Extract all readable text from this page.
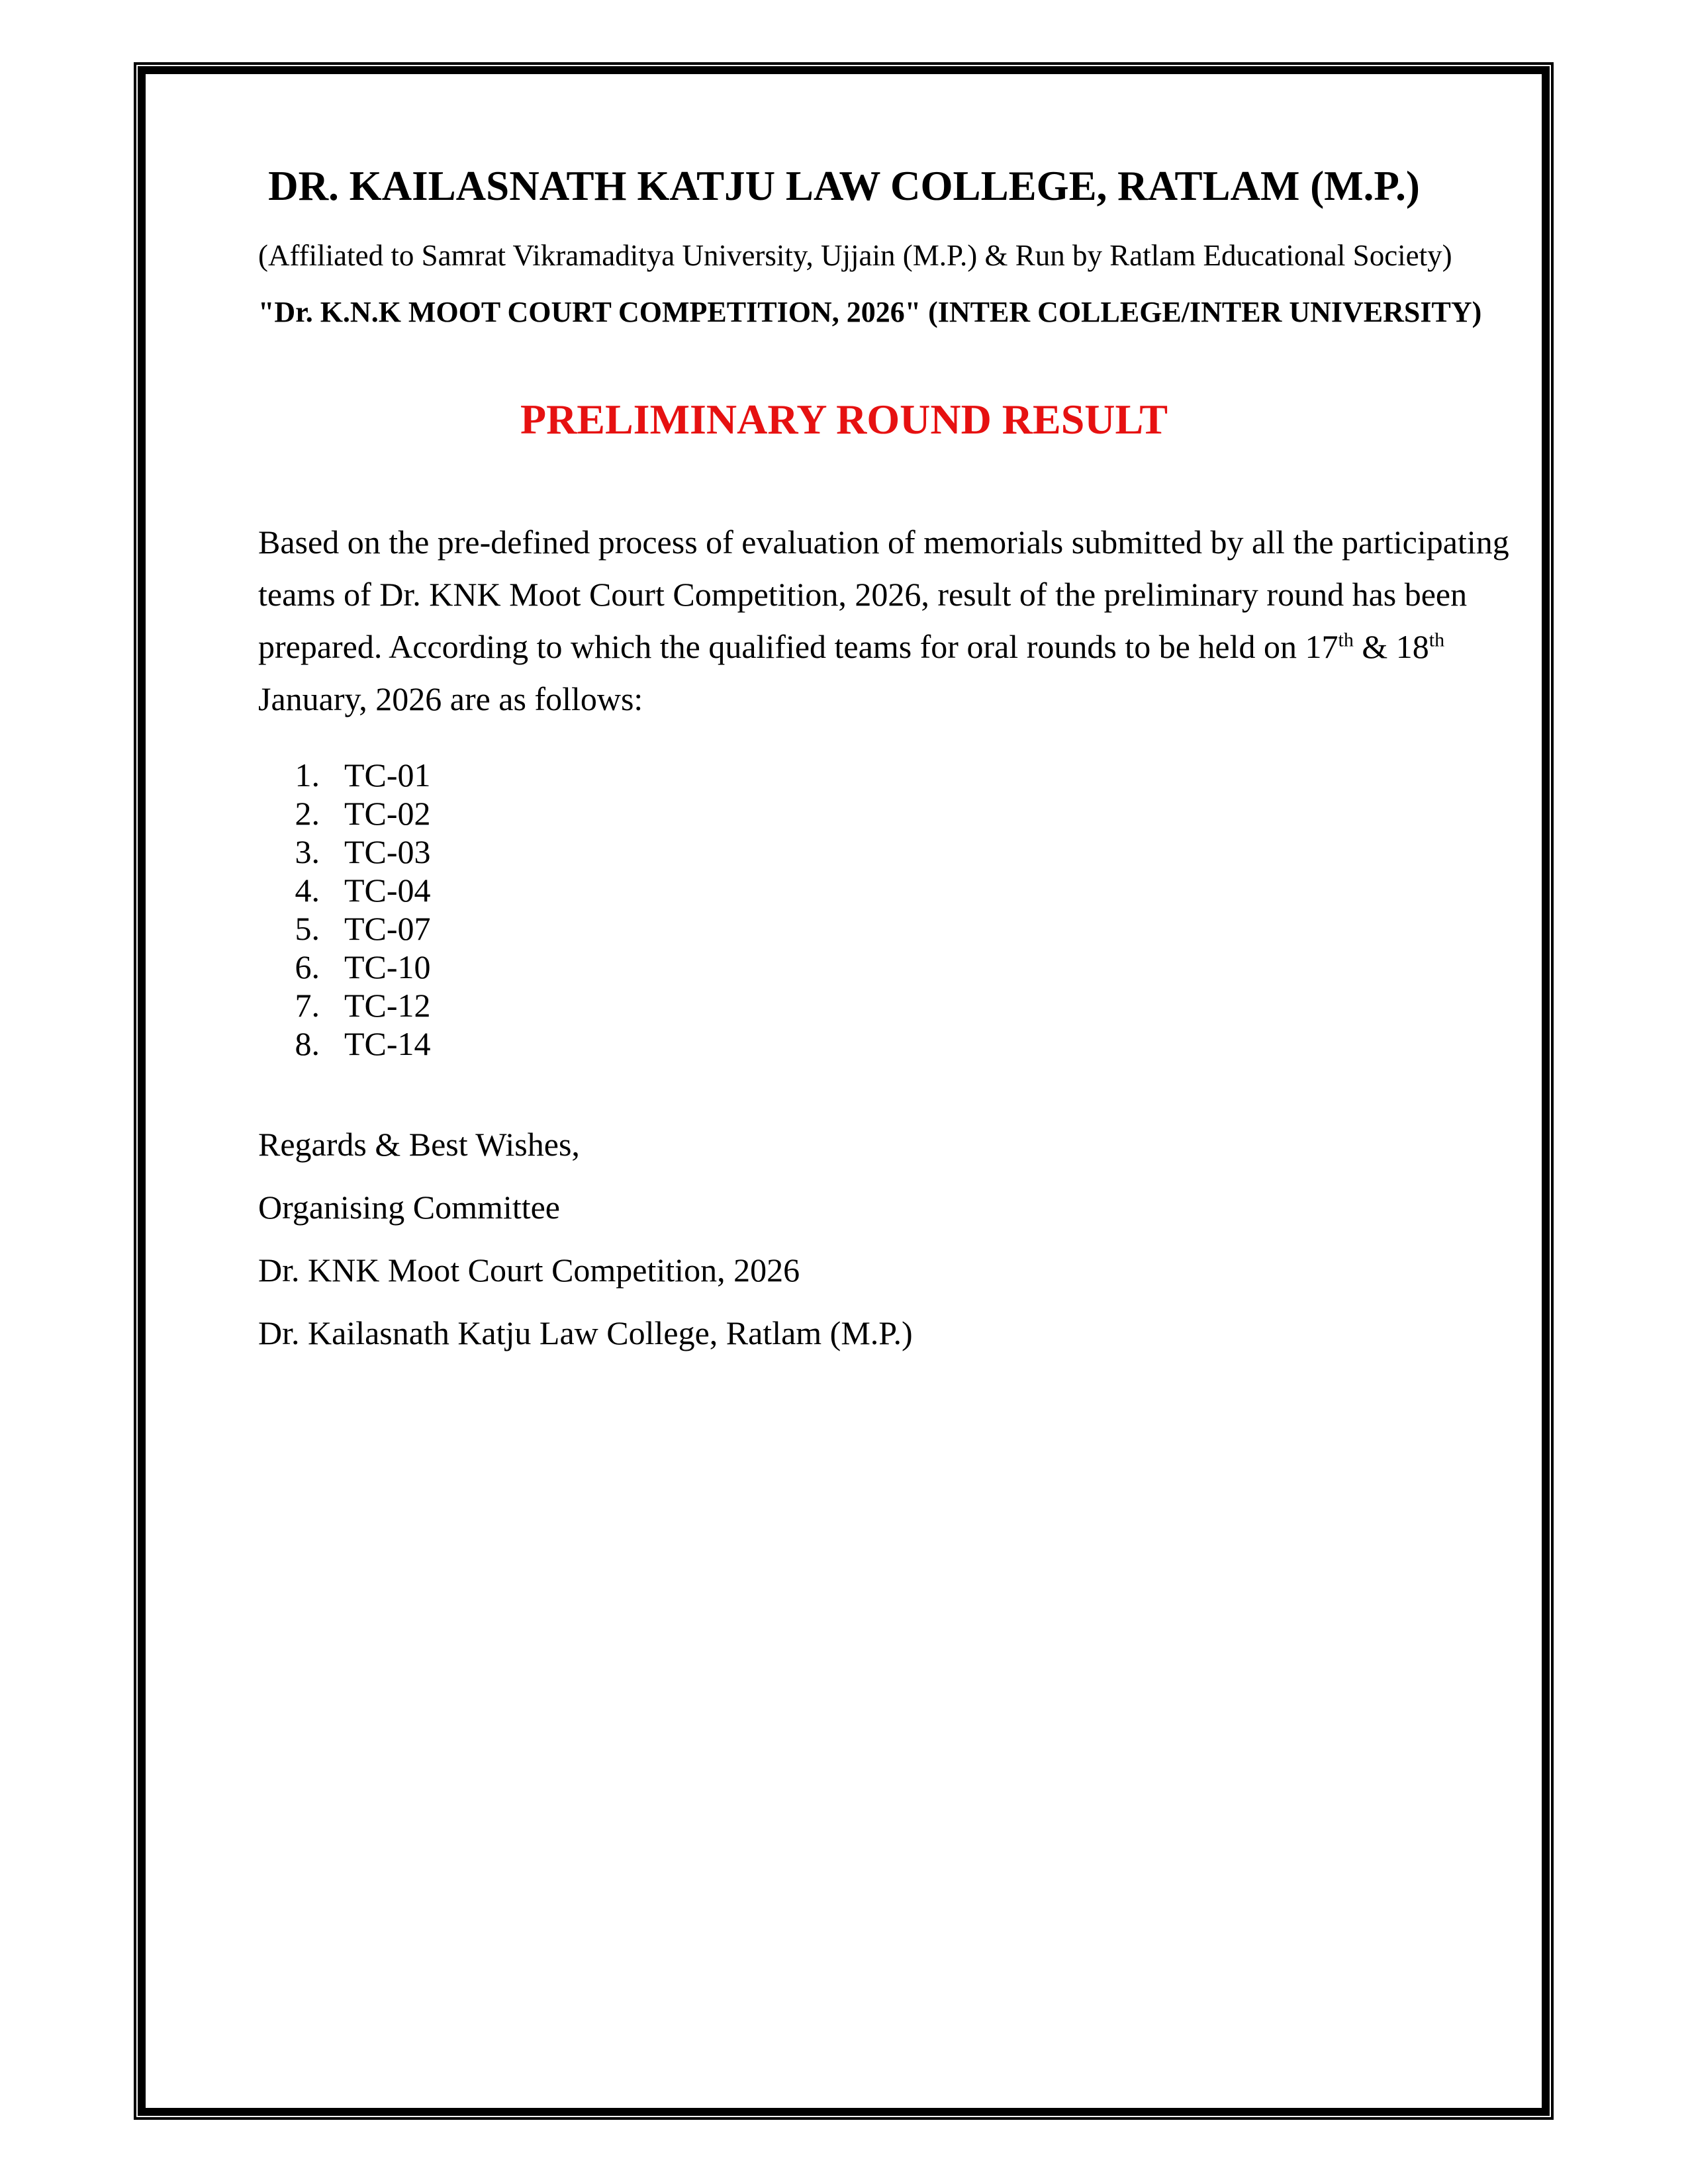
DR. KAILASNATH KATJU LAW COLLEGE, RATLAM (M.P.)
(Affiliated to Samrat Vikramaditya University, Ujjain (M.P.) & Run by Ratlam Educational Society)
"Dr. K.N.K MOOT COURT COMPETITION, 2026" (INTER COLLEGE/INTER UNIVERSITY)
PRELIMINARY ROUND RESULT
Based on the pre-defined process of evaluation of memorials submitted by all the participating
teams of Dr. KNK Moot Court Competition, 2026, result of the preliminary round has been
prepared. According to which the qualified teams for oral rounds to be held on 17th & 18th
January, 2026 are as follows:
1. TC-01
2. TC-02
3. TC-03
4. TC-04
5. TC-07
6. TC-10
7. TC-12
8. TC-14

Regards & Best Wishes,

Organising Committee

Dr. KNK Moot Court Competition, 2026

Dr. Kailasnath Katju Law College, Ratlam (M.P.)
